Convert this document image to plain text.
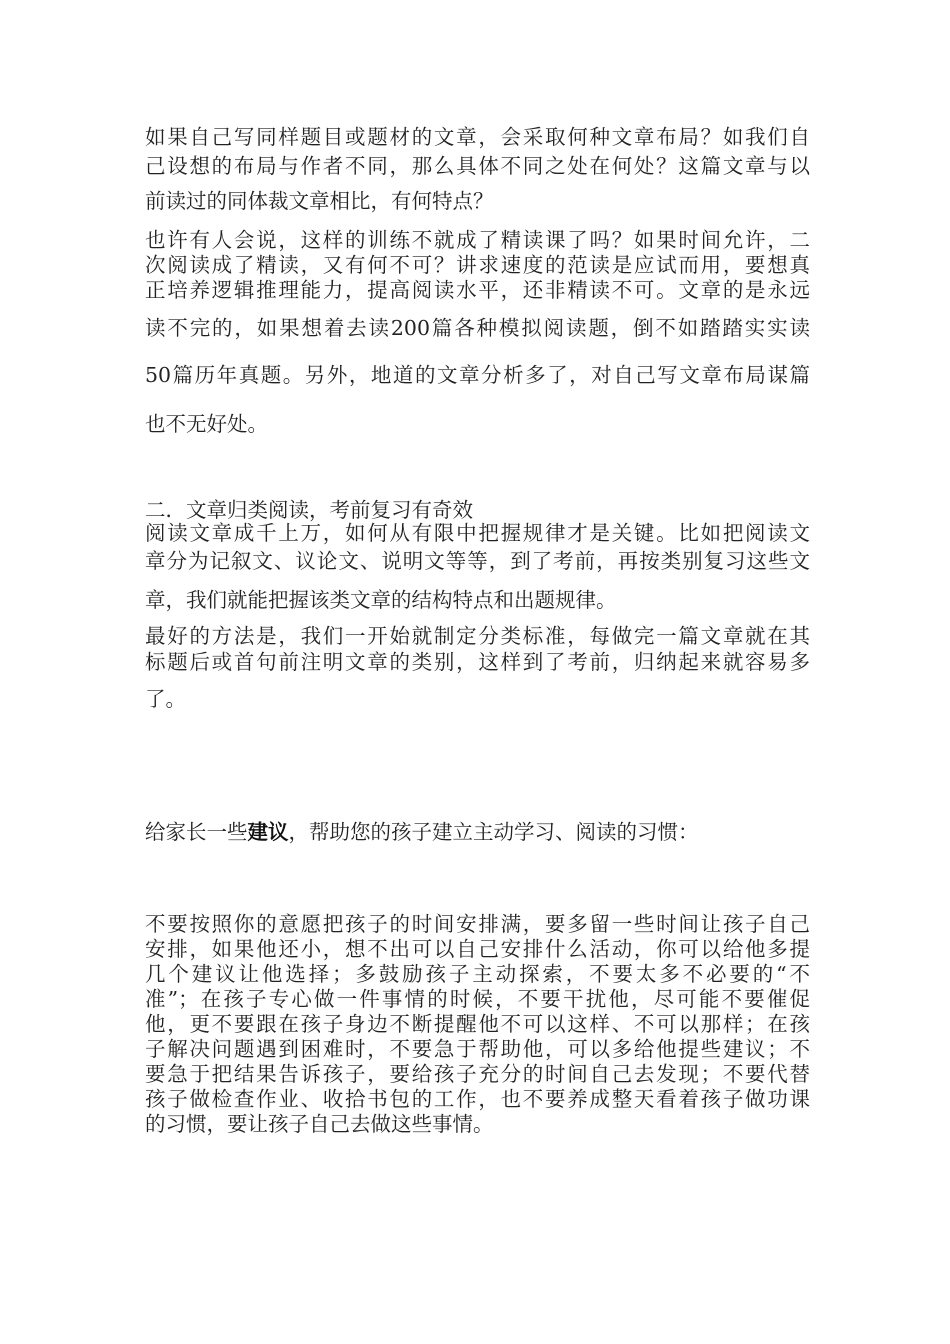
如果自己写同样题目或题材的文章，会采取何种文章布局？如我们自
己设想的布局与作者不同，那么具体不同之处在何处？这篇文章与以
前读过的同体裁文章相比，有何特点？
也许有人会说，这样的训练不就成了精读课了吗？如果时间允许，二
次阅读成了精读，又有何不可？讲求速度的范读是应试而用，要想真
正培养逻辑推理能力，提高阅读水平，还非精读不可。文章的是永远
读不完的，如果想着去读200篇各种模拟阅读题，倒不如踏踏实实读
50篇历年真题。另外，地道的文章分析多了，对自己写文章布局谋篇
也不无好处。
二．文章归类阅读，考前复习有奇效
阅读文章成千上万，如何从有限中把握规律才是关键。比如把阅读文
章分为记叙文、议论文、说明文等等，到了考前，再按类别复习这些文
章，我们就能把握该类文章的结构特点和出题规律。
最好的方法是，我们一开始就制定分类标准，每做完一篇文章就在其
标题后或首句前注明文章的类别，这样到了考前，归纳起来就容易多
了。
给家长一些建议，帮助您的孩子建立主动学习、阅读的习惯：
不要按照你的意愿把孩子的时间安排满，要多留一些时间让孩子自己
安排，如果他还小，想不出可以自己安排什么活动，你可以给他多提
几个建议让他选择；多鼓励孩子主动探索，不要太多不必要的“不
准”；在孩子专心做一件事情的时候，不要干扰他，尽可能不要催促
他，更不要跟在孩子身边不断提醒他不可以这样、不可以那样；在孩
子解决问题遇到困难时，不要急于帮助他，可以多给他提些建议；不
要急于把结果告诉孩子，要给孩子充分的时间自己去发现；不要代替
孩子做检查作业、收拾书包的工作，也不要养成整天看着孩子做功课
的习惯，要让孩子自己去做这些事情。
